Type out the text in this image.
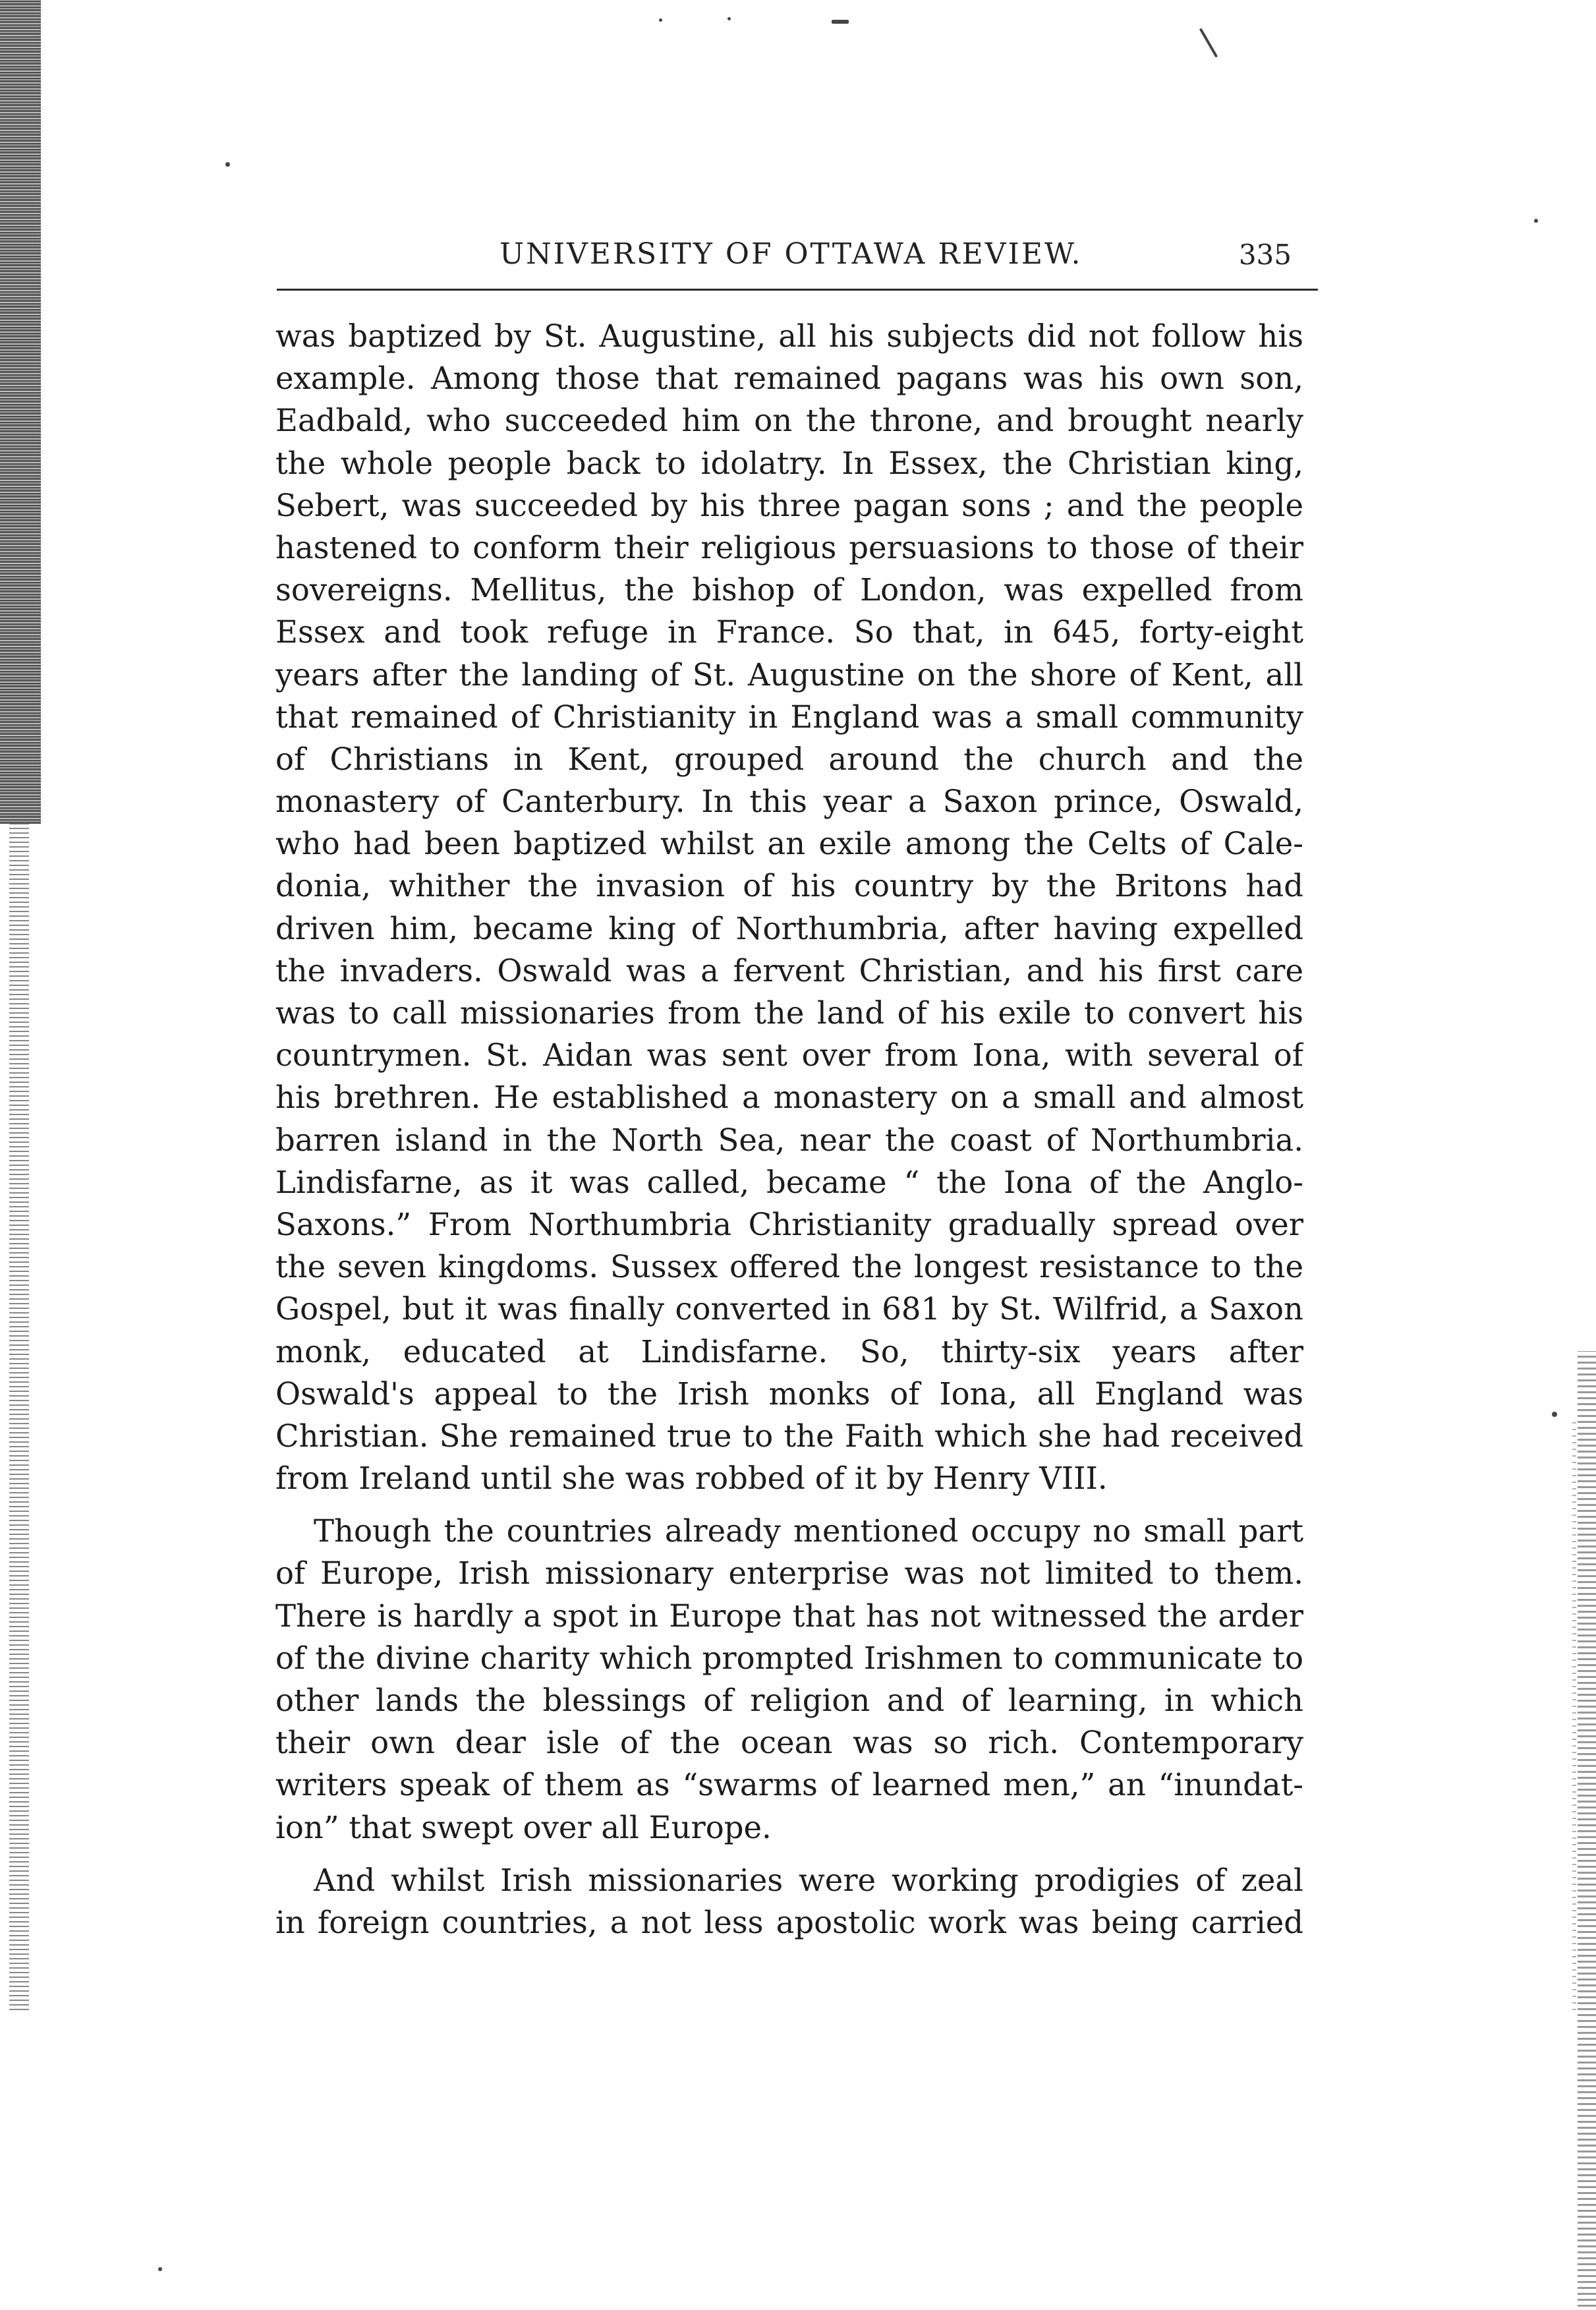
UNIVERSITY OF OTTAWA REVIEW.	335

was baptized by St. Augustine, all his subjects did not follow his
example. Among those that remained pagans was his own son,
Eadbald, who succeeded him on the throne, and brought nearly
the whole people back to idolatry. In Essex, the Christian king,
Sebert, was succeeded by his three pagan sons ; and the people
hastened to conform their religious persuasions to those of their
sovereigns. Mellitus, the bishop of London, was expelled from
Essex and took refuge in France. So that, in 645, forty-eight
years after the landing of St. Augustine on the shore of Kent, all
that remained of Christianity in England was a small community
of Christians in Kent, grouped around the church and the
monastery of Canterbury. In this year a Saxon prince, Oswald,
who had been baptized whilst an exile among the Celts of Cale-
donia, whither the invasion of his country by the Britons had
driven him, became king of Northumbria, after having expelled
the invaders. Oswald was a fervent Christian, and his first care
was to call missionaries from the land of his exile to convert his
countrymen. St. Aidan was sent over from Iona, with several of
his brethren. He established a monastery on a small and almost
barren island in the North Sea, near the coast of Northumbria.
Lindisfarne, as it was called, became “ the Iona of the Anglo-
Saxons.” From Northumbria Christianity gradually spread over
the seven kingdoms. Sussex offered the longest resistance to the
Gospel, but it was finally converted in 681 by St. Wilfrid, a Saxon
monk, educated at Lindisfarne. So, thirty-six years after
Oswald's appeal to the Irish monks of Iona, all England was
Christian. She remained true to the Faith which she had received
from Ireland until she was robbed of it by Henry VIII.

Though the countries already mentioned occupy no small part
of Europe, Irish missionary enterprise was not limited to them.
There is hardly a spot in Europe that has not witnessed the arder
of the divine charity which prompted Irishmen to communicate to
other lands the blessings of religion and of learning, in which
their own dear isle of the ocean was so rich. Contemporary
writers speak of them as “swarms of learned men,” an “inundat-
ion” that swept over all Europe.

And whilst Irish missionaries were working prodigies of zeal
in foreign countries, a not less apostolic work was being carried
